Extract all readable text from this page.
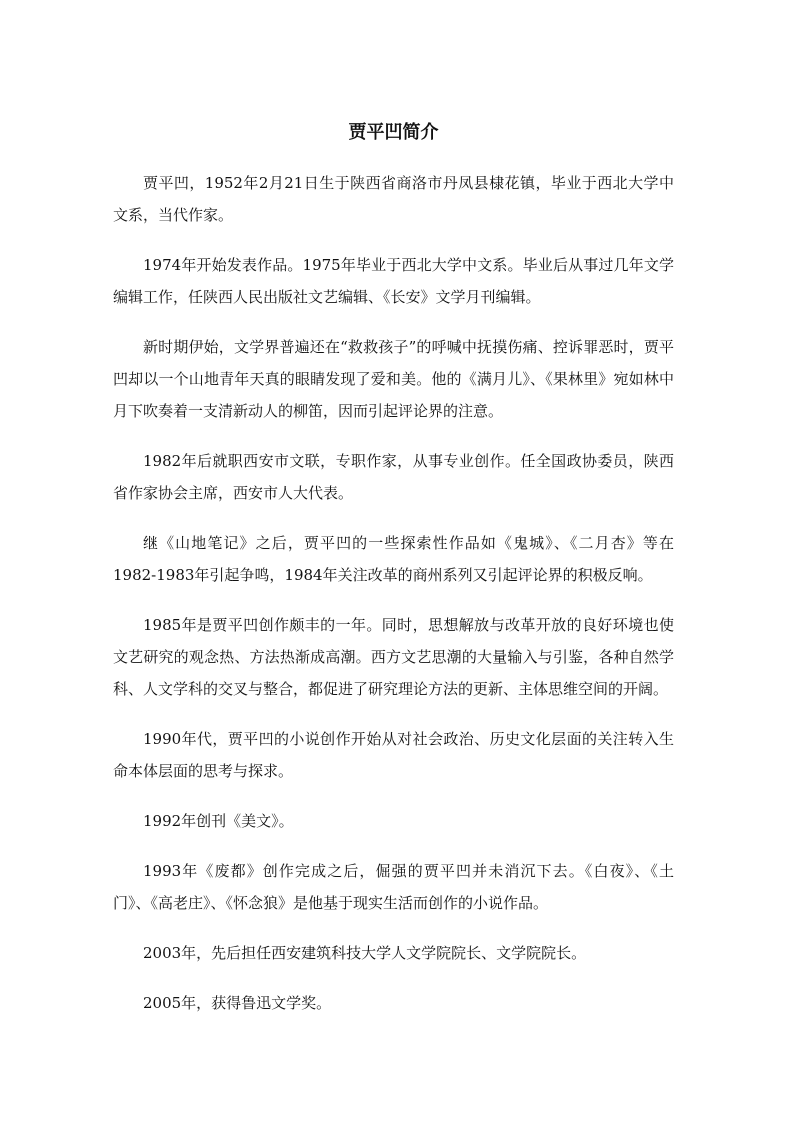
贾平凹简介

贾平凹，1952年2月21日生于陕西省商洛市丹凤县棣花镇，毕业于西北大学中文系，当代作家。

1974年开始发表作品。1975年毕业于西北大学中文系。毕业后从事过几年文学编辑工作，任陕西人民出版社文艺编辑、《长安》文学月刊编辑。

新时期伊始，文学界普遍还在“救救孩子”的呼喊中抚摸伤痛、控诉罪恶时，贾平凹却以一个山地青年天真的眼睛发现了爱和美。他的《满月儿》、《果林里》宛如林中月下吹奏着一支清新动人的柳笛，因而引起评论界的注意。

1982年后就职西安市文联，专职作家，从事专业创作。任全国政协委员，陕西省作家协会主席，西安市人大代表。

继《山地笔记》之后，贾平凹的一些探索性作品如《鬼城》、《二月杏》等在1982-1983年引起争鸣，1984年关注改革的商州系列又引起评论界的积极反响。

1985年是贾平凹创作颇丰的一年。同时，思想解放与改革开放的良好环境也使文艺研究的观念热、方法热渐成高潮。西方文艺思潮的大量输入与引鉴，各种自然学科、人文学科的交叉与整合，都促进了研究理论方法的更新、主体思维空间的开阔。

1990年代，贾平凹的小说创作开始从对社会政治、历史文化层面的关注转入生命本体层面的思考与探求。

1992年创刊《美文》。

1993年《废都》创作完成之后，倔强的贾平凹并未消沉下去。《白夜》、《土门》、《高老庄》、《怀念狼》是他基于现实生活而创作的小说作品。

2003年，先后担任西安建筑科技大学人文学院院长、文学院院长。

2005年，获得鲁迅文学奖。
